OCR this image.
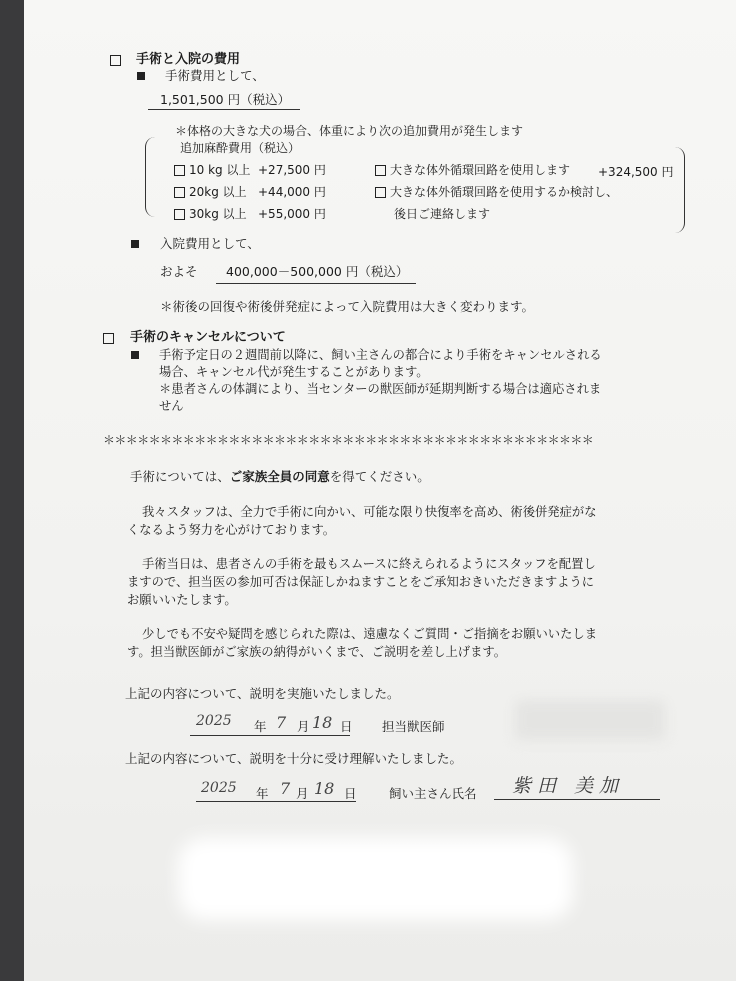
手術と入院の費用
手術費用として、
1,501,500 円（税込）
＊体格の大きな犬の場合、体重により次の追加費用が発生します
追加麻酔費用（税込）
10 kg 以上 +27,500 円
20kg 以上 +44,000 円
30kg 以上 +55,000 円
大きな体外循環回路を使用します +324,500 円
大きな体外循環回路を使用するか検討し、
後日ご連絡します
入院費用として、
およそ 400,000－500,000 円（税込）
＊術後の回復や術後併発症によって入院費用は大きく変わります。
手術のキャンセルについて
手術予定日の２週間前以降に、飼い主さんの都合により手術をキャンセルされる
場合、キャンセル代が発生することがあります。
＊患者さんの体調により、当センターの獣医師が延期判断する場合は適応されま
せん
＊＊＊＊＊＊＊＊＊＊＊＊＊＊＊＊＊＊＊＊＊＊＊＊＊＊＊＊＊＊＊＊＊＊＊＊＊＊＊＊＊＊＊
手術については、ご家族全員の同意を得てください。
我々スタッフは、全力で手術に向かい、可能な限り快復率を高め、術後併発症がな
くなるよう努力を心がけております。
手術当日は、患者さんの手術を最もスムースに終えられるようにスタッフを配置し
ますので、担当医の参加可否は保証しかねますことをご承知おきいただきますように
お願いいたします。
少しでも不安や疑問を感じられた際は、遠慮なくご質問・ご指摘をお願いいたしま
す。担当獣医師がご家族の納得がいくまで、ご説明を差し上げます。
上記の内容について、説明を実施いたしました。
2025 年 7 月 18 日 担当獣医師
上記の内容について、説明を十分に受け理解いたしました。
2025 年 7 月 18 日	飼い主さん氏名 紫田 美加
